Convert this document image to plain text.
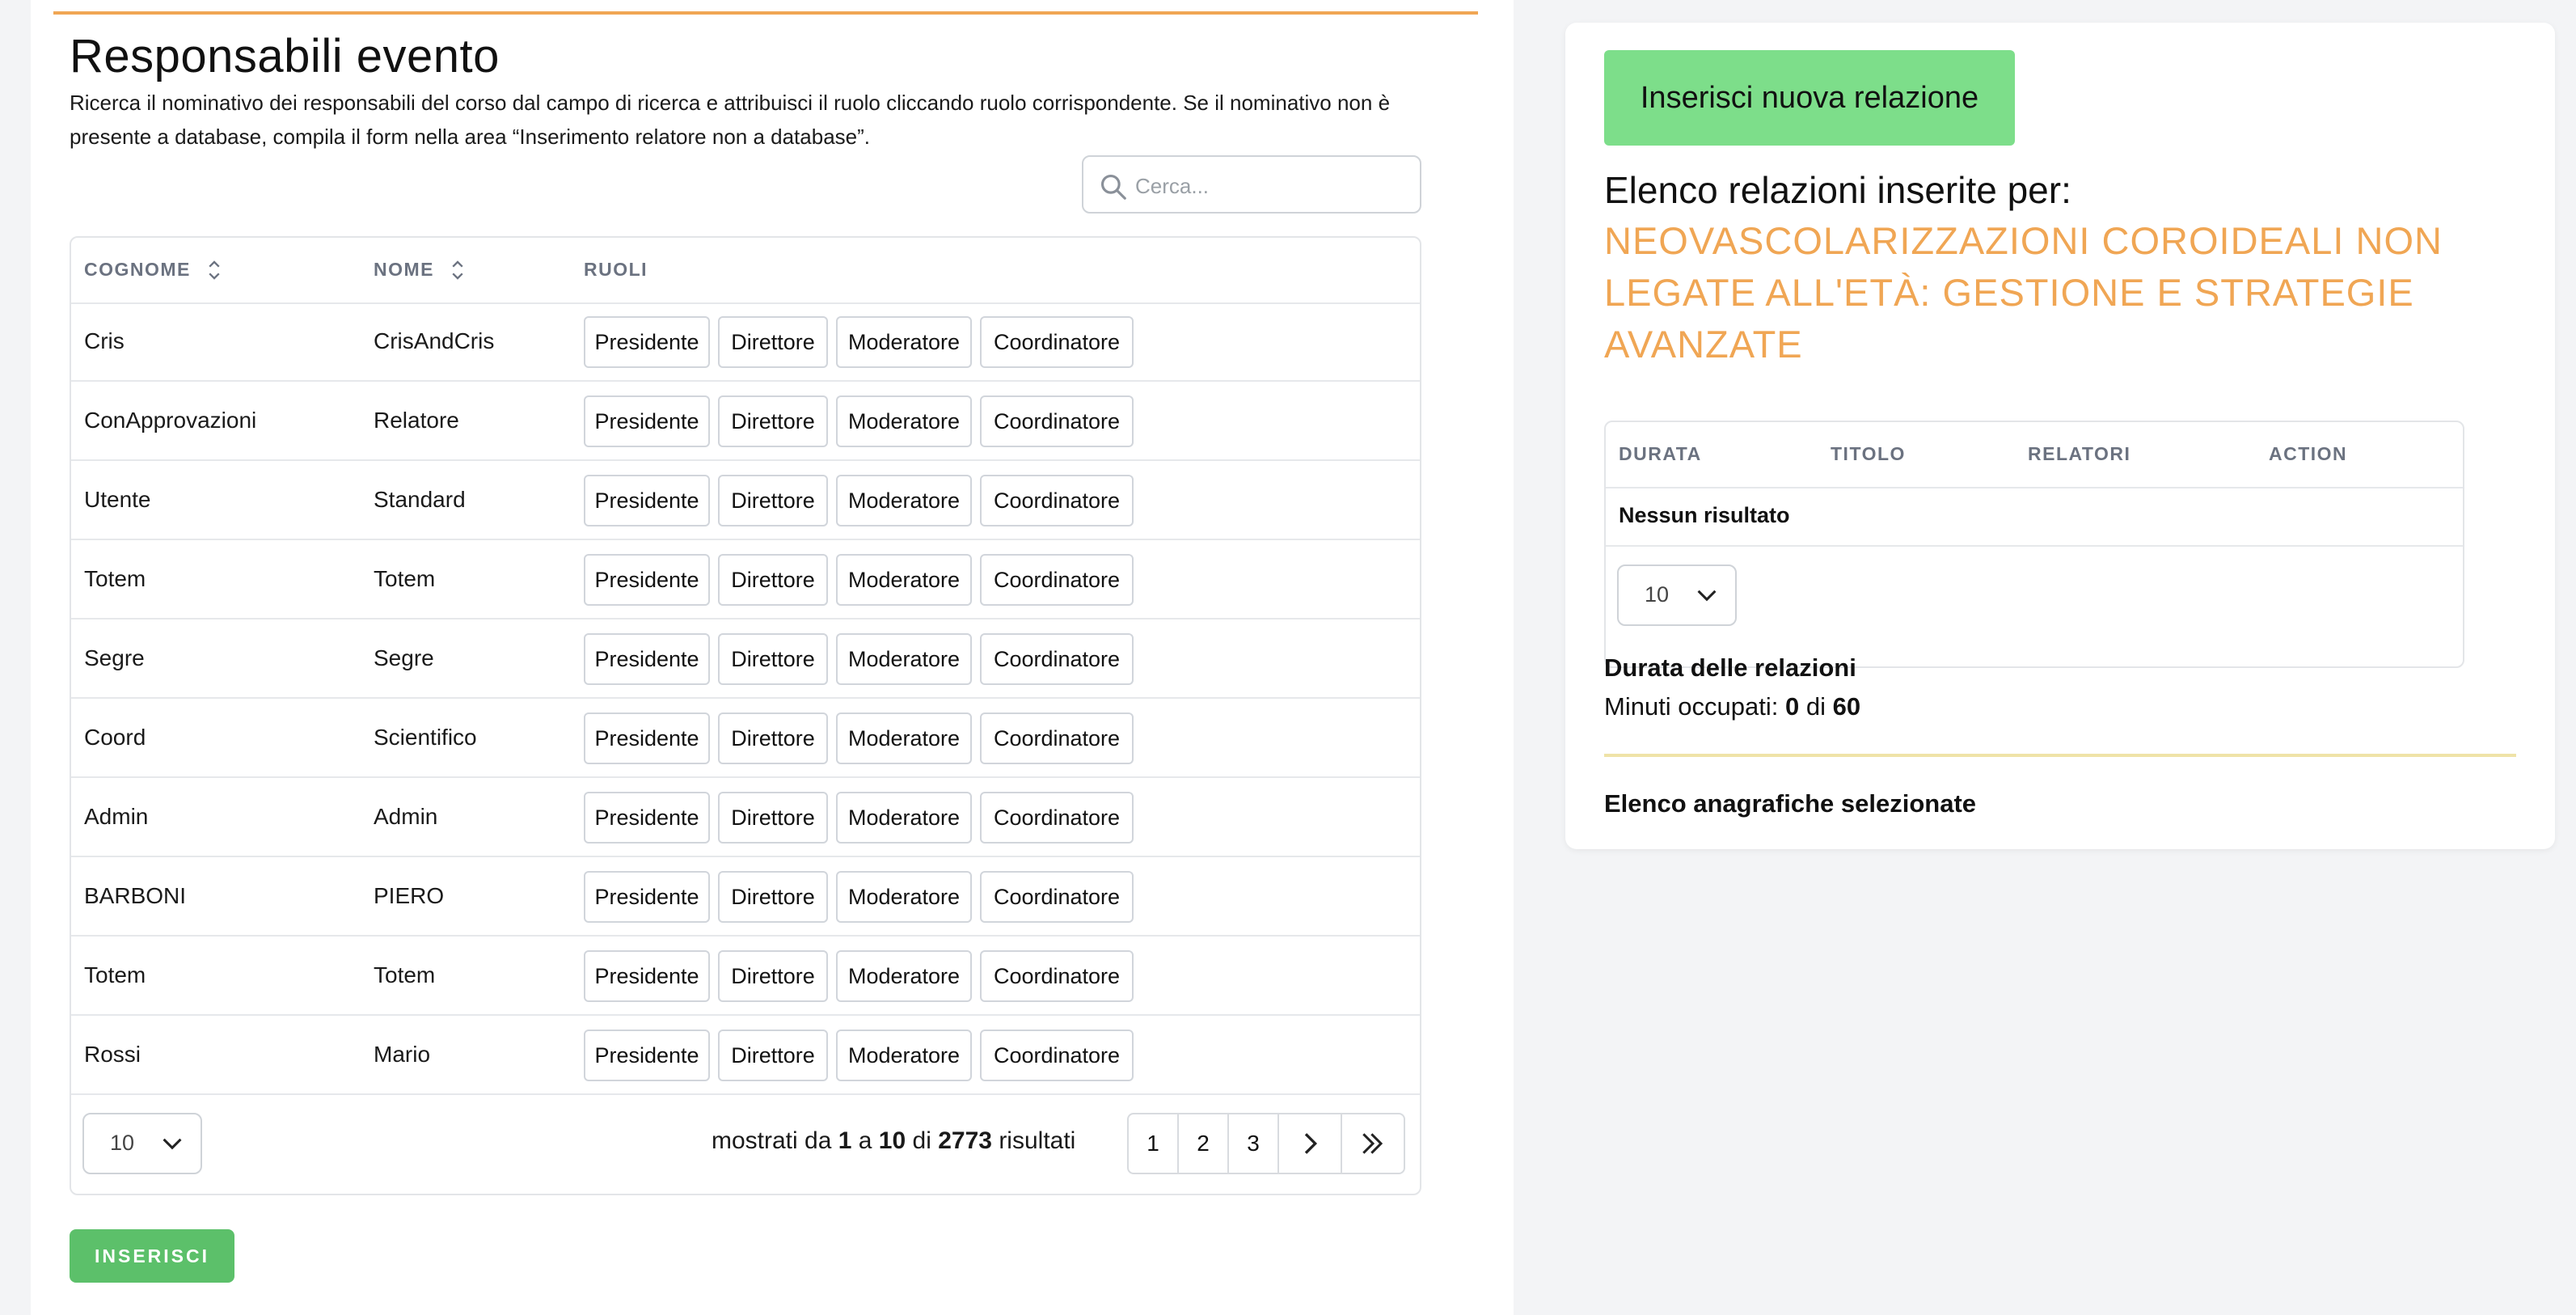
Responsabili evento
Ricerca il nominativo dei responsabili del corso dal campo di ricerca e attribuisci il ruolo cliccando ruolo corrispondente. Se il nominativo non è presente a database, compila il form nella area “Inserimento relatore non a database”.
Cerca...
COGNOME	NOME	RUOLI
Cris	CrisAndCris	Presidente	Direttore	Moderatore	Coordinatore
ConApprovazioni	Relatore	Presidente	Direttore	Moderatore	Coordinatore
Utente	Standard	Presidente	Direttore	Moderatore	Coordinatore
Totem	Totem	Presidente	Direttore	Moderatore	Coordinatore
Segre	Segre	Presidente	Direttore	Moderatore	Coordinatore
Coord	Scientifico	Presidente	Direttore	Moderatore	Coordinatore
Admin	Admin	Presidente	Direttore	Moderatore	Coordinatore
BARBONI	PIERO	Presidente	Direttore	Moderatore	Coordinatore
Totem	Totem	Presidente	Direttore	Moderatore	Coordinatore
Rossi	Mario	Presidente	Direttore	Moderatore	Coordinatore
10	mostrati da 1 a 10 di 2773 risultati	1	2	3
INSERISCI
Inserisci nuova relazione
Elenco relazioni inserite per:
NEOVASCOLARIZZAZIONI COROIDEALI NON LEGATE ALL'ETÀ: GESTIONE E STRATEGIE AVANZATE
DURATA	TITOLO	RELATORI	ACTION
Nessun risultato
10
Durata delle relazioni
Minuti occupati: 0 di 60
Elenco anagrafiche selezionate
